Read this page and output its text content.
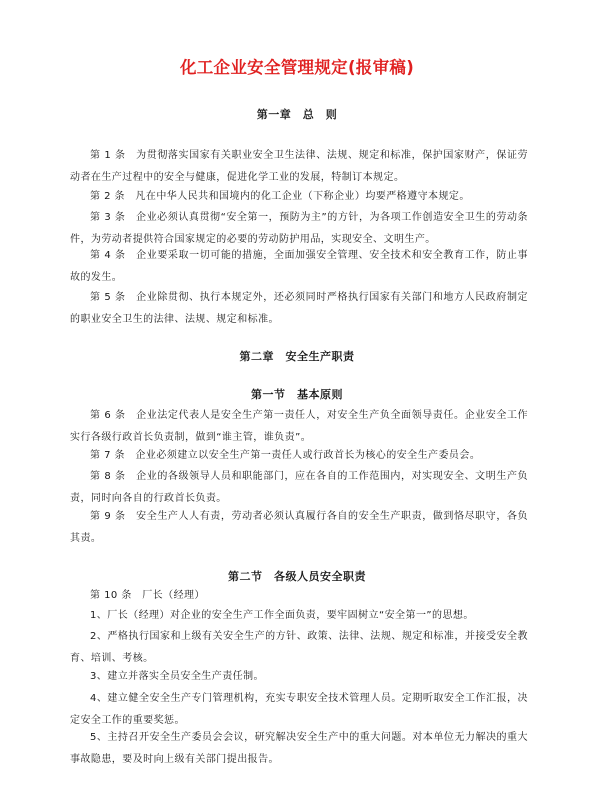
化工企业安全管理规定(报审稿)
第一章　总　则
第 1 条　为贯彻落实国家有关职业安全卫生法律、法规、规定和标准，保护国家财产，保证劳动者在生产过程中的安全与健康，促进化学工业的发展，特制订本规定。
第 2 条　凡在中华人民共和国境内的化工企业（下称企业）均要严格遵守本规定。
第 3 条　企业必须认真贯彻“安全第一，预防为主”的方针，为各项工作创造安全卫生的劳动条件，为劳动者提供符合国家规定的必要的劳动防护用品，实现安全、文明生产。
第 4 条　企业要采取一切可能的措施，全面加强安全管理、安全技术和安全教育工作，防止事故的发生。
第 5 条　企业除贯彻、执行本规定外，还必须同时严格执行国家有关部门和地方人民政府制定的职业安全卫生的法律、法规、规定和标准。
第二章　安全生产职责
第一节　基本原则
第 6 条　企业法定代表人是安全生产第一责任人，对安全生产负全面领导责任。企业安全工作实行各级行政首长负责制，做到“谁主管，谁负责”。
第 7 条　企业必须建立以安全生产第一责任人或行政首长为核心的安全生产委员会。
第 8 条　企业的各级领导人员和职能部门，应在各自的工作范围内，对实现安全、文明生产负责，同时向各自的行政首长负责。
第 9 条　安全生产人人有责，劳动者必须认真履行各自的安全生产职责，做到恪尽职守，各负其责。
第二节　各级人员安全职责
第 10 条　厂长（经理）
1、厂长（经理）对企业的安全生产工作全面负责，要牢固树立“安全第一”的思想。
2、严格执行国家和上级有关安全生产的方针、政策、法律、法规、规定和标准，并接受安全教育、培训、考核。
3、建立并落实全员安全生产责任制。
4、建立健全安全生产专门管理机构，充实专职安全技术管理人员。定期听取安全工作汇报，决定安全工作的重要奖惩。
5、主持召开安全生产委员会会议，研究解决安全生产中的重大问题。对本单位无力解决的重大事故隐患，要及时向上级有关部门提出报告。
